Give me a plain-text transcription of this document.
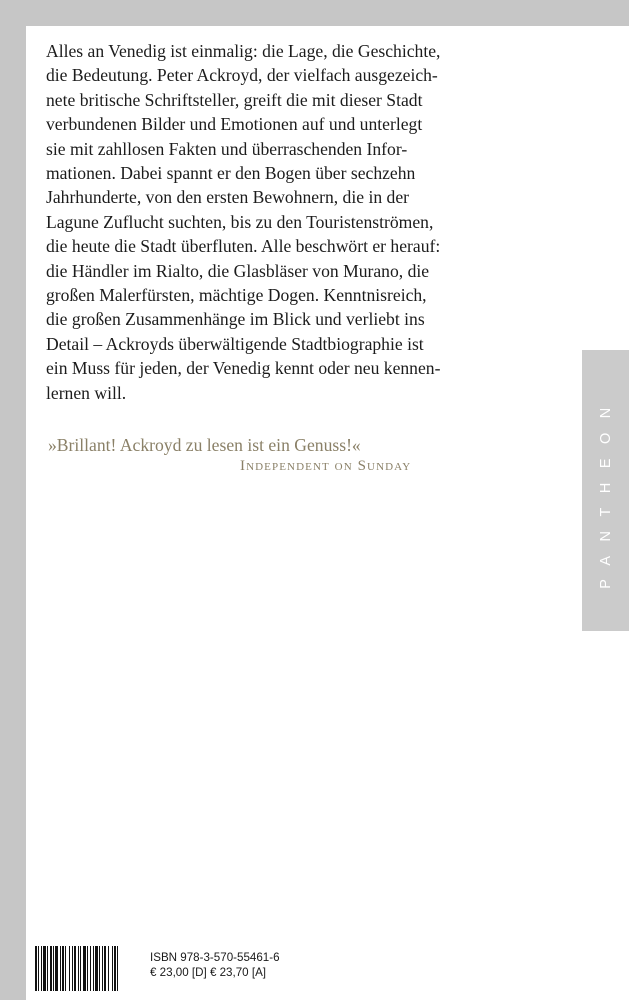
Alles an Venedig ist einmalig: die Lage, die Geschichte,
die Bedeutung. Peter Ackroyd, der vielfach ausgezeich-
nete britische Schriftsteller, greift die mit dieser Stadt
verbundenen Bilder und Emotionen auf und unterlegt
sie mit zahllosen Fakten und überraschenden Infor-
mationen. Dabei spannt er den Bogen über sechzehn
Jahrhunderte, von den ersten Bewohnern, die in der
Lagune Zuflucht suchten, bis zu den Touristenströmen,
die heute die Stadt überfluten. Alle beschwört er herauf:
die Händler im Rialto, die Glasbläser von Murano, die
großen Malerfürsten, mächtige Dogen. Kenntnisreich,
die großen Zusammenhänge im Blick und verliebt ins
Detail – Ackroyds überwältigende Stadtbiographie ist
ein Muss für jeden, der Venedig kennt oder neu kennen-
lernen will.
»Brillant! Ackroyd zu lesen ist ein Genuss!«
Independent on Sunday	PANTHEON
ISBN 978-3-570-55461-6
€ 23,00 [D] € 23,70 [A]
